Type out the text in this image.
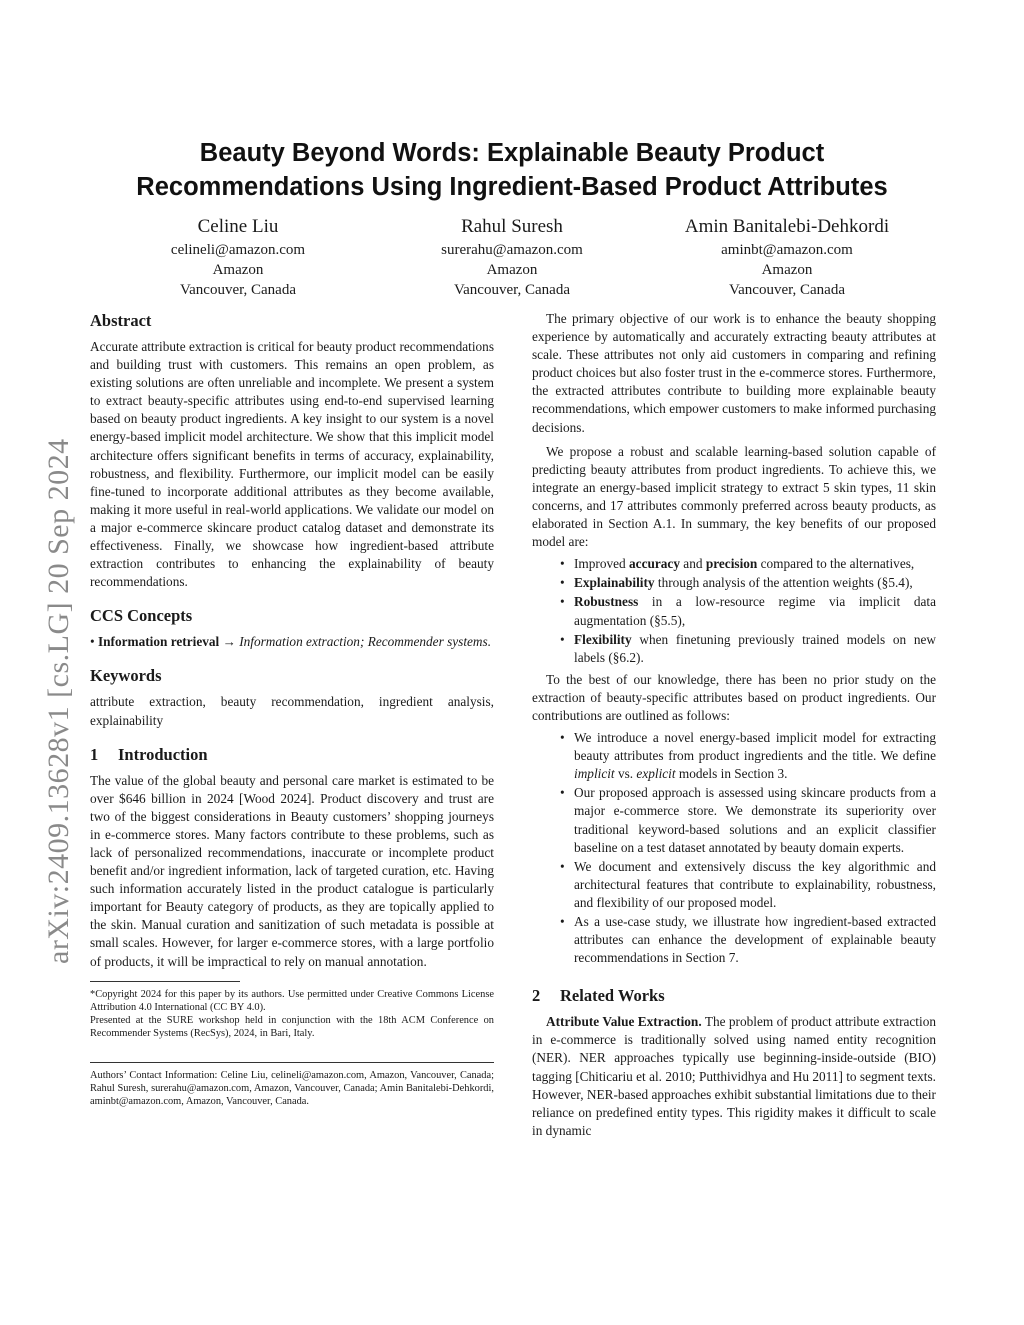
arXiv:2409.13628v1 [cs.LG] 20 Sep 2024
Beauty Beyond Words: Explainable Beauty Product
Recommendations Using Ingredient-Based Product Attributes
Celine Liu
celineli@amazon.com
Amazon
Vancouver, Canada
Rahul Suresh
surerahu@amazon.com
Amazon
Vancouver, Canada
Amin Banitalebi-Dehkordi
aminbt@amazon.com
Amazon
Vancouver, Canada
Abstract

Accurate attribute extraction is critical for beauty product recommendations and building trust with customers. This remains an open problem, as existing solutions are often unreliable and incomplete. We present a system to extract beauty-specific attributes using end-to-end supervised learning based on beauty product ingredients. A key insight to our system is a novel energy-based implicit model architecture. We show that this implicit model architecture offers significant benefits in terms of accuracy, explainability, robustness, and flexibility. Furthermore, our implicit model can be easily fine-tuned to incorporate additional attributes as they become available, making it more useful in real-world applications. We validate our model on a major e-commerce skincare product catalog dataset and demonstrate its effectiveness. Finally, we showcase how ingredient-based attribute extraction contributes to enhancing the explainability of beauty recommendations.

CCS Concepts

• Information retrieval → Information extraction; Recommender systems.

Keywords

attribute extraction, beauty recommendation, ingredient analysis, explainability

1 Introduction

The value of the global beauty and personal care market is estimated to be over $646 billion in 2024 [Wood 2024]. Product discovery and trust are two of the biggest considerations in Beauty customers’ shopping journeys in e-commerce stores. Many factors contribute to these problems, such as lack of personalized recommendations, inaccurate or incomplete product benefit and/or ingredient information, lack of targeted curation, etc. Having such information accurately listed in the product catalogue is particularly important for Beauty category of products, as they are topically applied to the skin. Manual curation and sanitization of such metadata is possible at small scales. However, for larger e-commerce stores, with a large portfolio of products, it will be impractical to rely on manual annotation.

*Copyright 2024 for this paper by its authors. Use permitted under Creative Commons License Attribution 4.0 International (CC BY 4.0).

Presented at the SURE workshop held in conjunction with the 18th ACM Conference on Recommender Systems (RecSys), 2024, in Bari, Italy.

Authors’ Contact Information: Celine Liu, celineli@amazon.com, Amazon, Vancouver, Canada; Rahul Suresh, surerahu@amazon.com, Amazon, Vancouver, Canada; Amin Banitalebi-Dehkordi, aminbt@amazon.com, Amazon, Vancouver, Canada.

The primary objective of our work is to enhance the beauty shopping experience by automatically and accurately extracting beauty attributes at scale. These attributes not only aid customers in comparing and refining product choices but also foster trust in the e-commerce stores. Furthermore, the extracted attributes contribute to building more explainable beauty recommendations, which empower customers to make informed purchasing decisions.

We propose a robust and scalable learning-based solution capable of predicting beauty attributes from product ingredients. To achieve this, we integrate an energy-based implicit strategy to extract 5 skin types, 11 skin concerns, and 17 attributes commonly preferred across beauty products, as elaborated in Section A.1. In summary, the key benefits of our proposed model are:

• Improved accuracy and precision compared to the alternatives,
• Explainability through analysis of the attention weights (§5.4),
• Robustness in a low-resource regime via implicit data augmentation (§5.5),
• Flexibility when finetuning previously trained models on new labels (§6.2).

To the best of our knowledge, there has been no prior study on the extraction of beauty-specific attributes based on product ingredients. Our contributions are outlined as follows:

• We introduce a novel energy-based implicit model for extracting beauty attributes from product ingredients and the title. We define implicit vs. explicit models in Section 3.
• Our proposed approach is assessed using skincare products from a major e-commerce store. We demonstrate its superiority over traditional keyword-based solutions and an explicit classifier baseline on a test dataset annotated by beauty domain experts.
• We document and extensively discuss the key algorithmic and architectural features that contribute to explainability, robustness, and flexibility of our proposed model.
• As a use-case study, we illustrate how ingredient-based extracted attributes can enhance the development of explainable beauty recommendations in Section 7.
2 Related Works

Attribute Value Extraction. The problem of product attribute extraction in e-commerce is traditionally solved using named entity recognition (NER). NER approaches typically use beginning-inside-outside (BIO) tagging [Chiticariu et al. 2010; Putthividhya and Hu 2011] to segment texts. However, NER-based approaches exhibit substantial limitations due to their reliance on predefined entity types. This rigidity makes it difficult to scale in dynamic
